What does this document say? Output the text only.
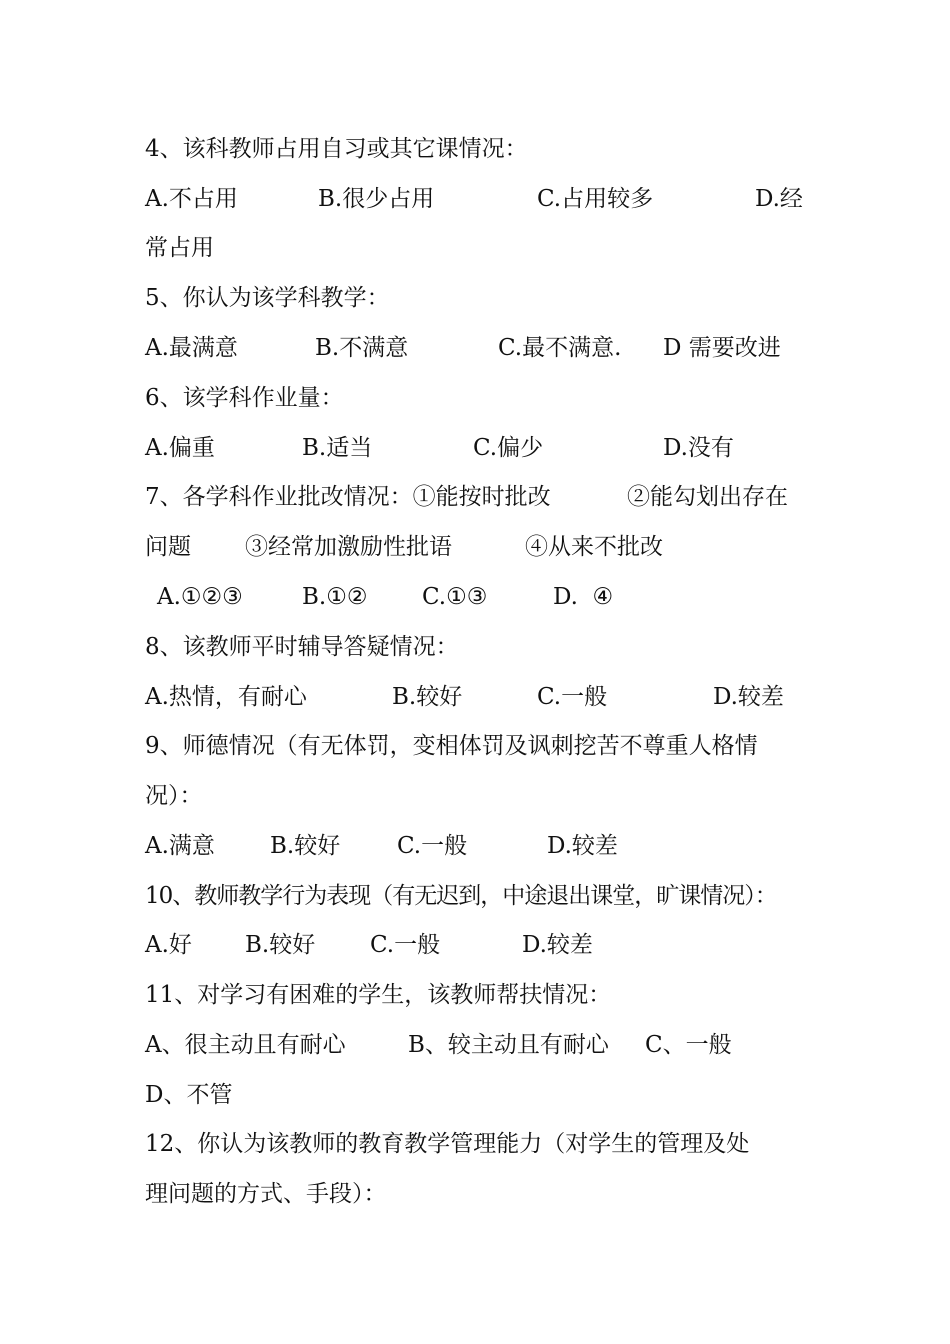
4、该科教师占用自习或其它课情况：
A.不占用	B.很少占用	C.占用较多	D.经
常占用
5、你认为该学科教学：
A.最满意	B.不满意	C.最不满意. D 需要改进
6、该学科作业量：
A.偏重	B.适当	C.偏少	D.没有
7、各学科作业批改情况：①能按时批改	②能勾划出存在
问题 ③经常加激励性批语	④从来不批改
A.①②③	B.①② C.①③	D.  ④
8、该教师平时辅导答疑情况：
A.热情，有耐心	B.较好	C.一般	D.较差
9、师德情况（有无体罚，变相体罚及讽刺挖苦不尊重人格情
况）：
A.满意 B.较好 C.一般	D.较差
10、教师教学行为表现（有无迟到，中途退出课堂，旷课情况）：
A.好 B.较好 C.一般	D.较差
11、对学习有困难的学生，该教师帮扶情况：
A、很主动且有耐心	B、较主动且有耐心 C、一般
D、不管
12、你认为该教师的教育教学管理能力（对学生的管理及处
理问题的方式、手段）：
